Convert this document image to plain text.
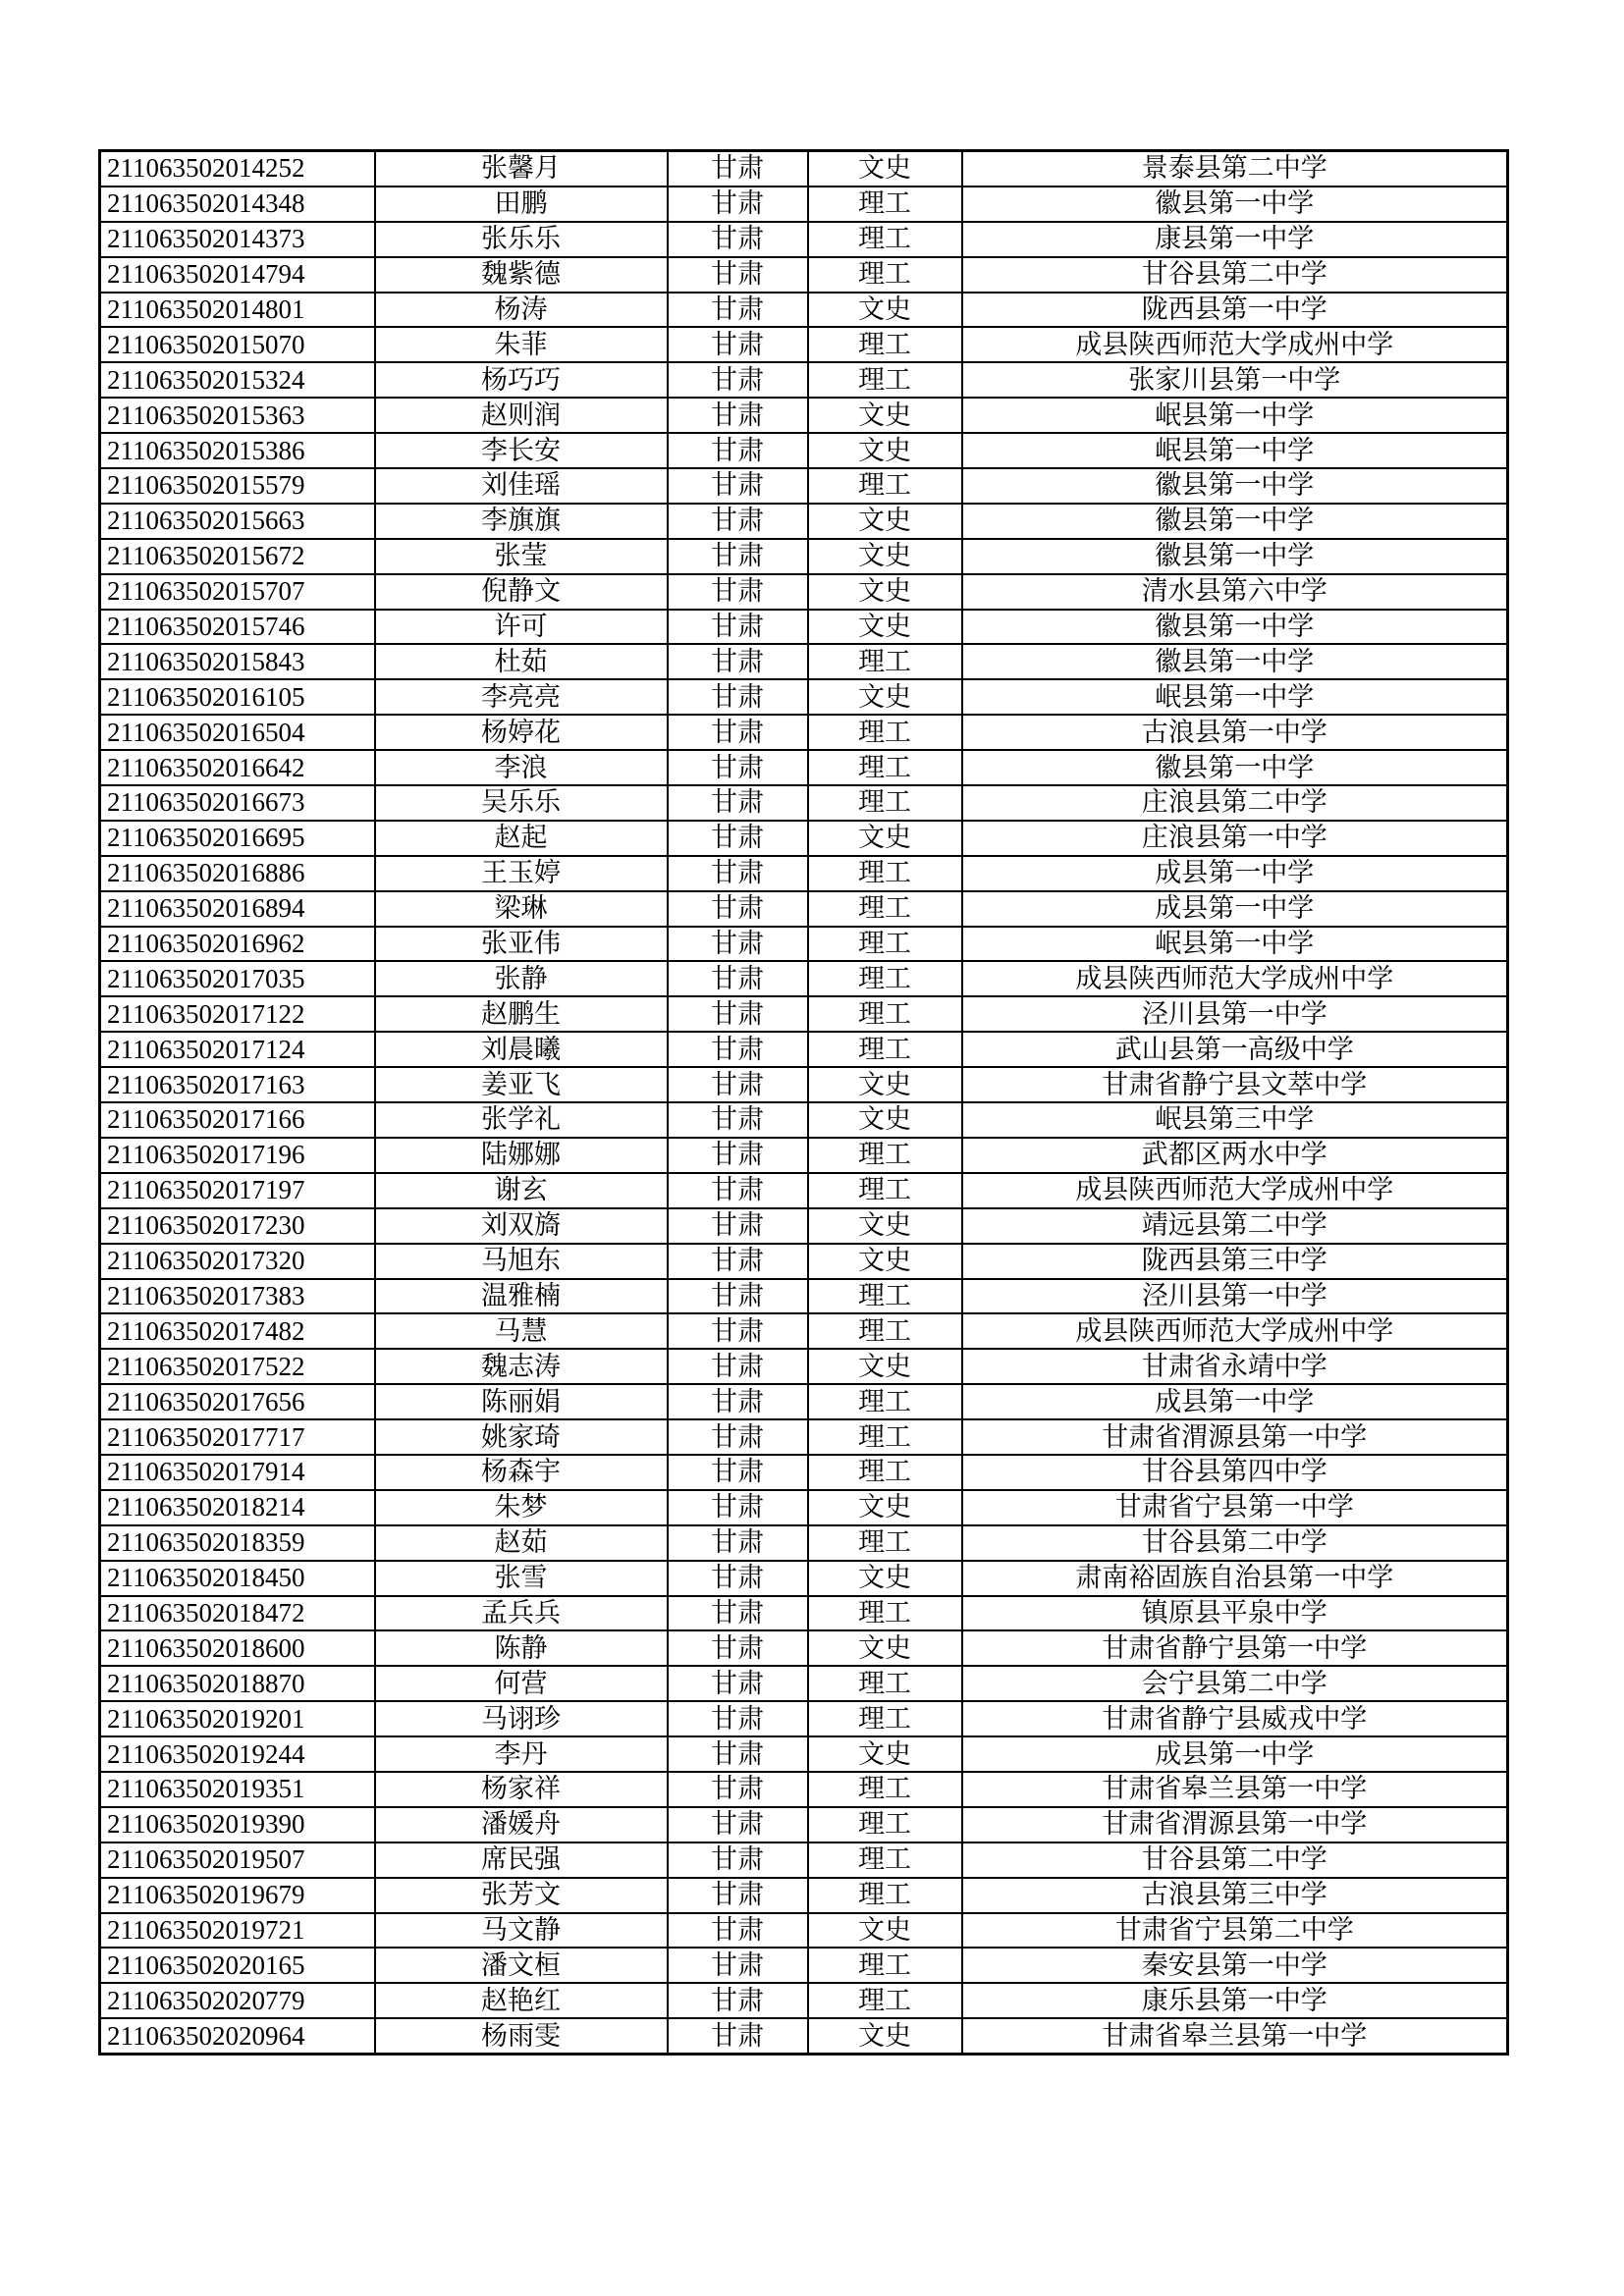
211063502014252	张馨月	甘肃	文史	景泰县第二中学
211063502014348	田鹏	甘肃	理工	徽县第一中学
211063502014373	张乐乐	甘肃	理工	康县第一中学
211063502014794	魏紫德	甘肃	理工	甘谷县第二中学
211063502014801	杨涛	甘肃	文史	陇西县第一中学
211063502015070	朱菲	甘肃	理工	成县陕西师范大学成州中学
211063502015324	杨巧巧	甘肃	理工	张家川县第一中学
211063502015363	赵则润	甘肃	文史	岷县第一中学
211063502015386	李长安	甘肃	文史	岷县第一中学
211063502015579	刘佳瑶	甘肃	理工	徽县第一中学
211063502015663	李旗旗	甘肃	文史	徽县第一中学
211063502015672	张莹	甘肃	文史	徽县第一中学
211063502015707	倪静文	甘肃	文史	清水县第六中学
211063502015746	许可	甘肃	文史	徽县第一中学
211063502015843	杜茹	甘肃	理工	徽县第一中学
211063502016105	李亮亮	甘肃	文史	岷县第一中学
211063502016504	杨婷花	甘肃	理工	古浪县第一中学
211063502016642	李浪	甘肃	理工	徽县第一中学
211063502016673	吴乐乐	甘肃	理工	庄浪县第二中学
211063502016695	赵起	甘肃	文史	庄浪县第一中学
211063502016886	王玉婷	甘肃	理工	成县第一中学
211063502016894	梁琳	甘肃	理工	成县第一中学
211063502016962	张亚伟	甘肃	理工	岷县第一中学
211063502017035	张静	甘肃	理工	成县陕西师范大学成州中学
211063502017122	赵鹏生	甘肃	理工	泾川县第一中学
211063502017124	刘晨曦	甘肃	理工	武山县第一高级中学
211063502017163	姜亚飞	甘肃	文史	甘肃省静宁县文萃中学
211063502017166	张学礼	甘肃	文史	岷县第三中学
211063502017196	陆娜娜	甘肃	理工	武都区两水中学
211063502017197	谢玄	甘肃	理工	成县陕西师范大学成州中学
211063502017230	刘双旖	甘肃	文史	靖远县第二中学
211063502017320	马旭东	甘肃	文史	陇西县第三中学
211063502017383	温雅楠	甘肃	理工	泾川县第一中学
211063502017482	马慧	甘肃	理工	成县陕西师范大学成州中学
211063502017522	魏志涛	甘肃	文史	甘肃省永靖中学
211063502017656	陈丽娟	甘肃	理工	成县第一中学
211063502017717	姚家琦	甘肃	理工	甘肃省渭源县第一中学
211063502017914	杨森宇	甘肃	理工	甘谷县第四中学
211063502018214	朱梦	甘肃	文史	甘肃省宁县第一中学
211063502018359	赵茹	甘肃	理工	甘谷县第二中学
211063502018450	张雪	甘肃	文史	肃南裕固族自治县第一中学
211063502018472	孟兵兵	甘肃	理工	镇原县平泉中学
211063502018600	陈静	甘肃	文史	甘肃省静宁县第一中学
211063502018870	何营	甘肃	理工	会宁县第二中学
211063502019201	马诩珍	甘肃	理工	甘肃省静宁县威戎中学
211063502019244	李丹	甘肃	文史	成县第一中学
211063502019351	杨家祥	甘肃	理工	甘肃省皋兰县第一中学
211063502019390	潘媛舟	甘肃	理工	甘肃省渭源县第一中学
211063502019507	席民强	甘肃	理工	甘谷县第二中学
211063502019679	张芳文	甘肃	理工	古浪县第三中学
211063502019721	马文静	甘肃	文史	甘肃省宁县第二中学
211063502020165	潘文桓	甘肃	理工	秦安县第一中学
211063502020779	赵艳红	甘肃	理工	康乐县第一中学
211063502020964	杨雨雯	甘肃	文史	甘肃省皋兰县第一中学
